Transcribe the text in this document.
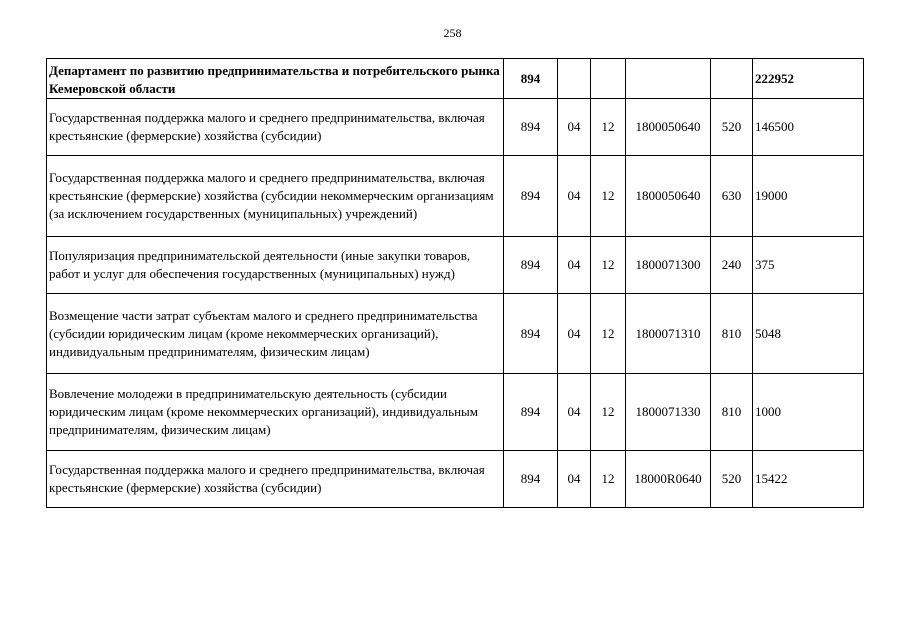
258
Департамент по развитию предпринимательства и потребительского рынка Кемеровской области	894					222952
Государственная поддержка малого и среднего предпринимательства, включая крестьянские (фермерские) хозяйства (субсидии)	894	04	12	1800050640	520	146500
Государственная поддержка малого и среднего предпринимательства, включая крестьянские (фермерские) хозяйства (субсидии некоммерческим организациям (за исключением государственных (муниципальных) учреждений)	894	04	12	1800050640	630	19000
Популяризация предпринимательской деятельности (иные закупки товаров, работ и услуг для обеспечения государственных (муниципальных) нужд)	894	04	12	1800071300	240	375
Возмещение части затрат субъектам малого и среднего предпринимательства (субсидии юридическим лицам (кроме некоммерческих организаций), индивидуальным предпринимателям, физическим лицам)	894	04	12	1800071310	810	5048
Вовлечение молодежи в предпринимательскую деятельность (субсидии юридическим лицам (кроме некоммерческих организаций), индивидуальным предпринимателям, физическим лицам)	894	04	12	1800071330	810	1000
Государственная поддержка малого и среднего предпринимательства, включая крестьянские (фермерские) хозяйства (субсидии)	894	04	12	18000R0640	520	15422
